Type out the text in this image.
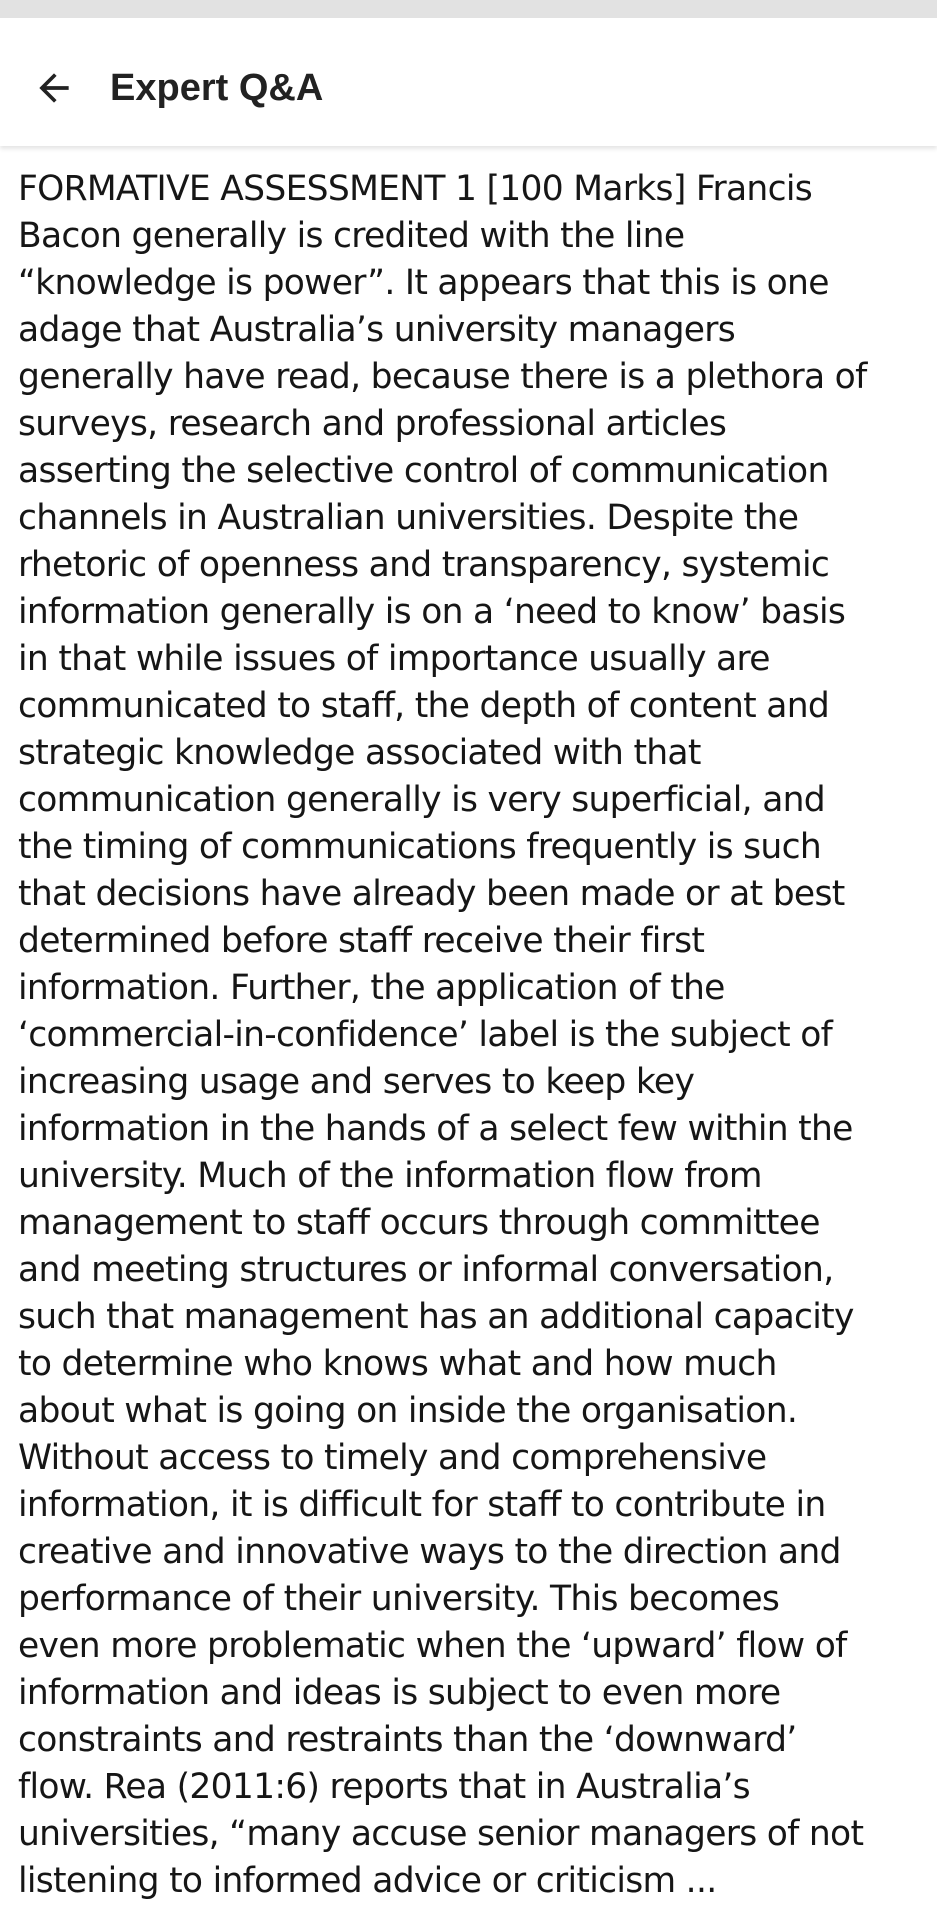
Expert Q&A

FORMATIVE ASSESSMENT 1 [100 Marks] Francis
Bacon generally is credited with the line
“knowledge is power”. It appears that this is one
adage that Australia’s university managers
generally have read, because there is a plethora of
surveys, research and professional articles
asserting the selective control of communication
channels in Australian universities. Despite the
rhetoric of openness and transparency, systemic
information generally is on a ‘need to know’ basis
in that while issues of importance usually are
communicated to staff, the depth of content and
strategic knowledge associated with that
communication generally is very superficial, and
the timing of communications frequently is such
that decisions have already been made or at best
determined before staff receive their first
information. Further, the application of the
‘commercial-in-confidence’ label is the subject of
increasing usage and serves to keep key
information in the hands of a select few within the
university. Much of the information flow from
management to staff occurs through committee
and meeting structures or informal conversation,
such that management has an additional capacity
to determine who knows what and how much
about what is going on inside the organisation.
Without access to timely and comprehensive
information, it is difficult for staff to contribute in
creative and innovative ways to the direction and
performance of their university. This becomes
even more problematic when the ‘upward’ flow of
information and ideas is subject to even more
constraints and restraints than the ‘downward’
flow. Rea (2011:6) reports that in Australia’s
universities, “many accuse senior managers of not
listening to informed advice or criticism ...
